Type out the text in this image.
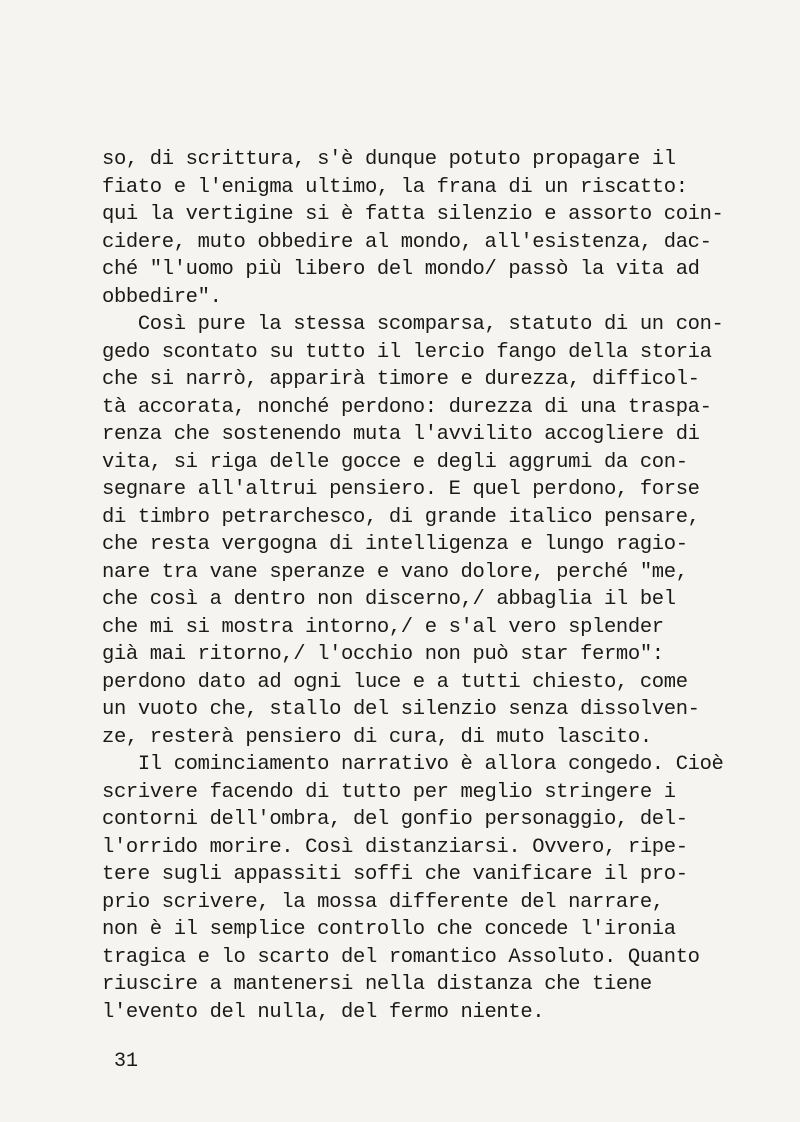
so, di scrittura, s'è dunque potuto propagare il
fiato e l'enigma ultimo, la frana di un riscatto:
qui la vertigine si è fatta silenzio e assorto coin-
cidere, muto obbedire al mondo, all'esistenza, dac-
ché "l'uomo più libero del mondo/ passò la vita ad
obbedire".
Così pure la stessa scomparsa, statuto di un con-
gedo scontato su tutto il lercio fango della storia
che si narrò, apparirà timore e durezza, difficol-
tà accorata, nonché perdono: durezza di una traspa-
renza che sostenendo muta l'avvilito accogliere di
vita, si riga delle gocce e degli aggrumi da con-
segnare all'altrui pensiero. E quel perdono, forse
di timbro petrarchesco, di grande italico pensare,
che resta vergogna di intelligenza e lungo ragio-
nare tra vane speranze e vano dolore, perché "me,
che così a dentro non discerno,/ abbaglia il bel
che mi si mostra intorno,/ e s'al vero splender
già mai ritorno,/ l'occhio non può star fermo":
perdono dato ad ogni luce e a tutti chiesto, come
un vuoto che, stallo del silenzio senza dissolven-
ze, resterà pensiero di cura, di muto lascito.
Il cominciamento narrativo è allora congedo. Cioè
scrivere facendo di tutto per meglio stringere i
contorni dell'ombra, del gonfio personaggio, del-
l'orrido morire. Così distanziarsi. Ovvero, ripe-
tere sugli appassiti soffi che vanificare il pro-
prio scrivere, la mossa differente del narrare,
non è il semplice controllo che concede l'ironia
tragica e lo scarto del romantico Assoluto. Quanto
riuscire a mantenersi nella distanza che tiene
l'evento del nulla, del fermo niente.
31
